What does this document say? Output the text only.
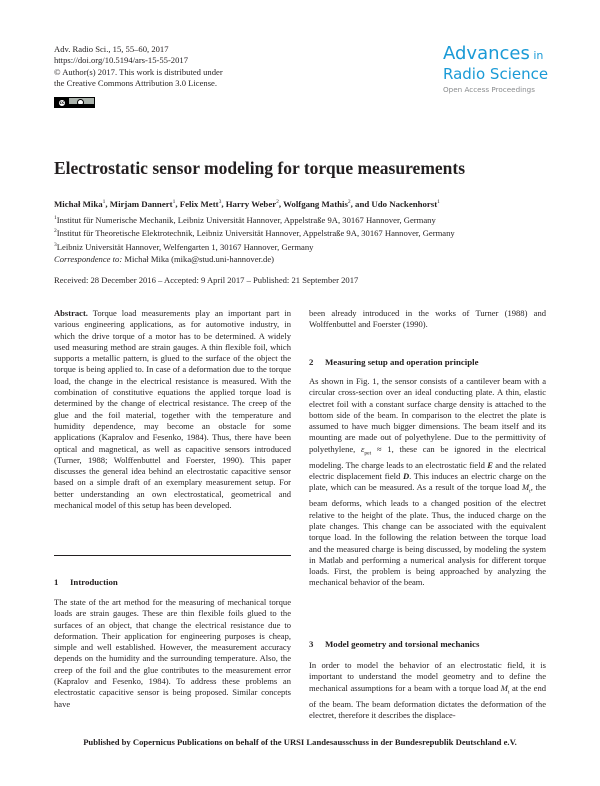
Adv. Radio Sci., 15, 55–60, 2017
https://doi.org/10.5194/ars-15-55-2017
© Author(s) 2017. This work is distributed under
the Creative Commons Attribution 3.0 License.
cc
Advances in
Radio Science
Open Access Proceedings
Electrostatic sensor modeling for torque measurements
Michał Mika$^1$, Mirjam Dannert$^1$, Felix Mett$^3$, Harry Weber$^2$, Wolfgang Mathis$^2$, and Udo Nackenhorst$^1$
$^1$Institut für Numerische Mechanik, Leibniz Universität Hannover, Appelstraße 9A, 30167 Hannover, Germany
$^2$Institut für Theoretische Elektrotechnik, Leibniz Universität Hannover, Appelstraße 9A, 30167 Hannover, Germany
$^3$Leibniz Universität Hannover, Welfengarten 1, 30167 Hannover, Germany
Correspondence to: Michał Mika (mika@stud.uni-hannover.de)
Received: 28 December 2016 – Accepted: 9 April 2017 – Published: 21 September 2017

Abstract. Torque load measurements play an important part in various engineering applications, as for automotive industry, in which the drive torque of a motor has to be determined. A widely used measuring method are strain gauges. A thin flexible foil, which supports a metallic pattern, is glued to the surface of the object the torque is being applied to. In case of a deformation due to the torque load, the change in the electrical resistance is measured. With the combination of constitutive equations the applied torque load is determined by the change of electrical resistance. The creep of the glue and the foil material, together with the temperature and humidity dependence, may become an obstacle for some applications (Kapralov and Fesenko, 1984). Thus, there have been optical and magnetical, as well as capacitive sensors introduced (Turner, 1988; Wolffenbuttel and Foerster, 1990). This paper discusses the general idea behind an electrostatic capacitive sensor based on a simple draft of an exemplary measurement setup. For better understanding an own electrostatical, geometrical and mechanical model of this setup has been developed.

1 Introduction
The state of the art method for the measuring of mechanical torque loads are strain gauges. These are thin flexible foils glued to the surfaces of an object, that change the electrical resistance due to deformation. Their application for engineering purposes is cheap, simple and well established. However, the measurement accuracy depends on the humidity and the surrounding temperature. Also, the creep of the foil and the glue contributes to the measurement error (Kapralov and Fesenko, 1984). To address these problems an electrostatic capacitive sensor is being proposed. Similar concepts have
been already introduced in the works of Turner (1988) and Wolffenbuttel and Foerster (1990).
2 Measuring setup and operation principle
As shown in Fig. 1, the sensor consists of a cantilever beam with a circular cross-section over an ideal conducting plate. A thin, elastic electret foil with a constant surface charge density is attached to the bottom side of the beam. In comparison to the electret the plate is assumed to have much bigger dimensions. The beam itself and its mounting are made out of polyethylene. Due to the permittivity of polyethylene, $\varepsilon_{pet} \approx 1$, these can be ignored in the electrical modeling. The charge leads to an electrostatic field E and the related electric displacement field D. This induces an electric charge on the plate, which can be measured. As a result of the torque load $M_t$, the beam deforms, which leads to a changed position of the electret relative to the height of the plate. Thus, the induced charge on the plate changes. This change can be associated with the equivalent torque load. In the following the relation between the torque load and the measured charge is being discussed, by modeling the system in Matlab and performing a numerical analysis for different torque loads. First, the problem is being approached by analyzing the mechanical behavior of the beam.
3 Model geometry and torsional mechanics
In order to model the behavior of an electrostatic field, it is important to understand the model geometry and to define the mechanical assumptions for a beam with a torque load $M_t$ at the end of the beam. The beam deformation dictates the deformation of the electret, therefore it describes the displace-
Published by Copernicus Publications on behalf of the URSI Landesausschuss in der Bundesrepublik Deutschland e.V.
